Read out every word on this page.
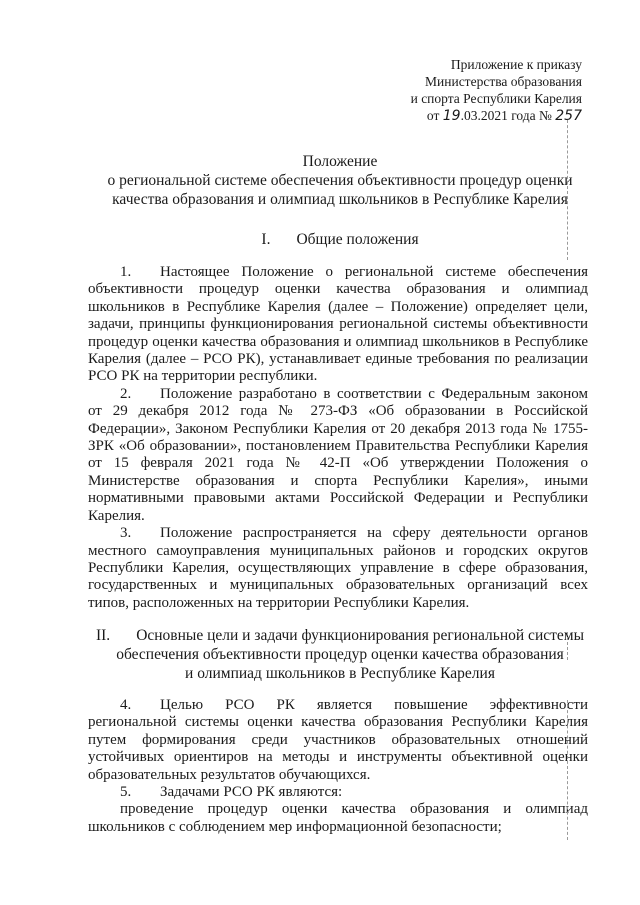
Приложение к приказу
Министерства образования
и спорта Республики Карелия
от 19.03.2021 года № 257
Положение
о региональной системе обеспечения объективности процедур оценки
качества образования и олимпиад школьников в Республике Карелия
I. Общие положения

1. Настоящее Положение о региональной системе обеспечения объективности процедур оценки качества образования и олимпиад школьников в Республике Карелия (далее – Положение) определяет цели, задачи, принципы функционирования региональной системы объективности процедур оценки качества образования и олимпиад школьников в Республике Карелия (далее – РСО РК), устанавливает единые требования по реализации РСО РК на территории республики.

2. Положение разработано в соответствии с Федеральным законом от 29 декабря 2012 года № 273-ФЗ «Об образовании в Российской Федерации», Законом Республики Карелия от 20 декабря 2013 года № 1755-ЗРК «Об образовании», постановлением Правительства Республики Карелия от 15 февраля 2021 года № 42-П «Об утверждении Положения о Министерстве образования и спорта Республики Карелия», иными нормативными правовыми актами Российской Федерации и Республики Карелия.

3. Положение распространяется на сферу деятельности органов местного самоуправления муниципальных районов и городских округов Республики Карелия, осуществляющих управление в сфере образования, государственных и муниципальных образовательных организаций всех типов, расположенных на территории Республики Карелия.

II. Основные цели и задачи функционирования региональной системы
обеспечения объективности процедур оценки качества образования
и олимпиад школьников в Республике Карелия

4. Целью РСО РК является повышение эффективности региональной системы оценки качества образования Республики Карелия путем формирования среди участников образовательных отношений устойчивых ориентиров на методы и инструменты объективной оценки образовательных результатов обучающихся.

5. Задачами РСО РК являются:

проведение процедур оценки качества образования и олимпиад школьников с соблюдением мер информационной безопасности;
